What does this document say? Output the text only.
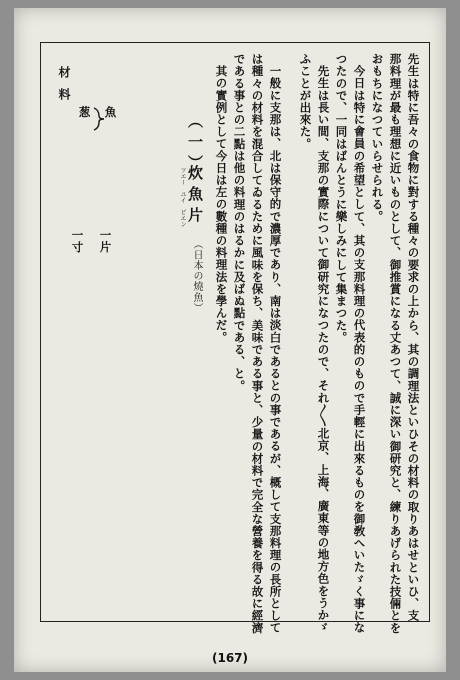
先生は特に吾々の食物に對する種々の要求の上から、其の調理法といひその材料の取りあはせといひ、支
那料理が最も理想に近いものとして、御推賞になる丈あつて、誠に深い御研究と、練りあげられた技倆とを
おもちになつていらせられる。
今日は特に會員の希望として、其の支那料理の代表的のもので手輕に出來るものを御敎へいたゞく事にな
つたので、一同はばんとうに樂しみにして集まつた。
先生は長い間、支那の實際について御研究になつたので、それ〳〵北京、上海、廣東等の地方色をうかゞ
ふことが出來た。
一般に支那は、北は保守的で濃厚であり、南は淡白であるとの事であるが、概して支那料理の長所として
は種々の材料を混合してゐるために風味を保ち、美味である事と、少量の材料で完全な營養を得る故に經濟
である事との二點は他の料理のはるかに及ばぬ點である、と。
其の實例として今日は左の數種の料理法を學んだ。
（一）
炊魚片
ツエー　ユイ　ピエン
（日本の燒魚）
一片
一寸
材料
魚
葱
(167)
